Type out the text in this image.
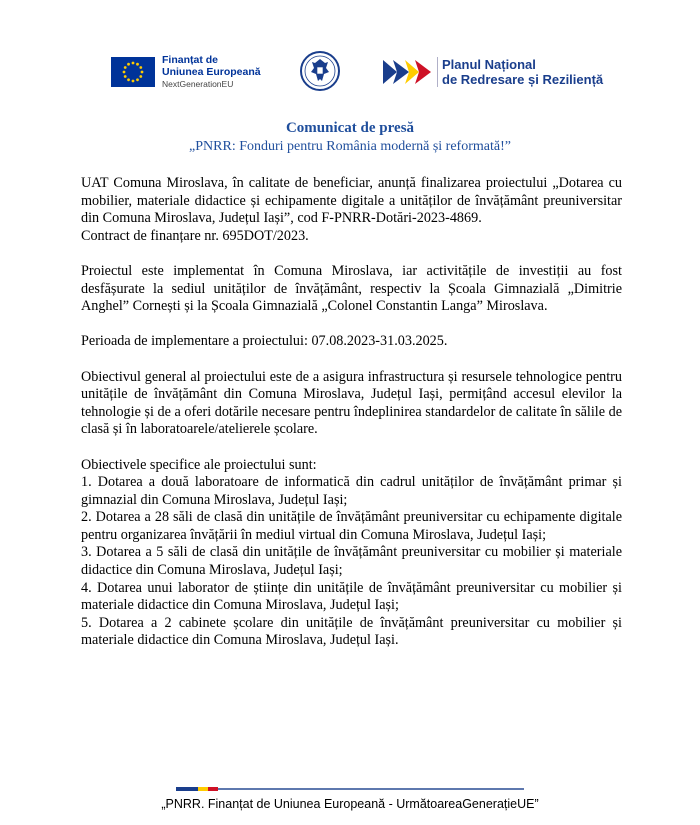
Finanțat de
Uniunea Europeană
NextGenerationEU
Planul Național
de Redresare și Reziliență
Comunicat de presă
„PNRR: Fonduri pentru România modernă și reformată!”

UAT Comuna Miroslava, în calitate de beneficiar, anunță finalizarea proiectului „Dotarea cu mobilier, materiale didactice și echipamente digitale a unităților de învățământ preuniversitar din Comuna Miroslava, Județul Iași”, cod F-PNRR-Dotări-2023-4869.

Contract de finanțare nr. 695DOT/2023.

Proiectul este implementat în Comuna Miroslava, iar activitățile de investiții au fost desfășurate la sediul unităților de învățământ, respectiv la Școala Gimnazială „Dimitrie Anghel” Cornești și la Școala Gimnazială „Colonel Constantin Langa” Miroslava.

Perioada de implementare a proiectului: 07.08.2023-31.03.2025.

Obiectivul general al proiectului este de a asigura infrastructura și resursele tehnologice pentru unitățile de învățământ din Comuna Miroslava, Județul Iași, permițând accesul elevilor la tehnologie și de a oferi dotările necesare pentru îndeplinirea standardelor de calitate în sălile de clasă și în laboratoarele/atelierele școlare.

Obiectivele specifice ale proiectului sunt:

1. Dotarea a două laboratoare de informatică din cadrul unităților de învățământ primar și gimnazial din Comuna Miroslava, Județul Iași;

2. Dotarea a 28 săli de clasă din unitățile de învățământ preuniversitar cu echipamente digitale pentru organizarea învățării în mediul virtual din Comuna Miroslava, Județul Iași;

3. Dotarea a 5 săli de clasă din unitățile de învățământ preuniversitar cu mobilier și materiale didactice din Comuna Miroslava, Județul Iași;

4. Dotarea unui laborator de științe din unitățile de învățământ preuniversitar cu mobilier și materiale didactice din Comuna Miroslava, Județul Iași;

5. Dotarea a 2 cabinete școlare din unitățile de învățământ preuniversitar cu mobilier și materiale didactice din Comuna Miroslava, Județul Iași.

„PNRR. Finanțat de Uniunea Europeană - UrmătoareaGenerațieUE”
